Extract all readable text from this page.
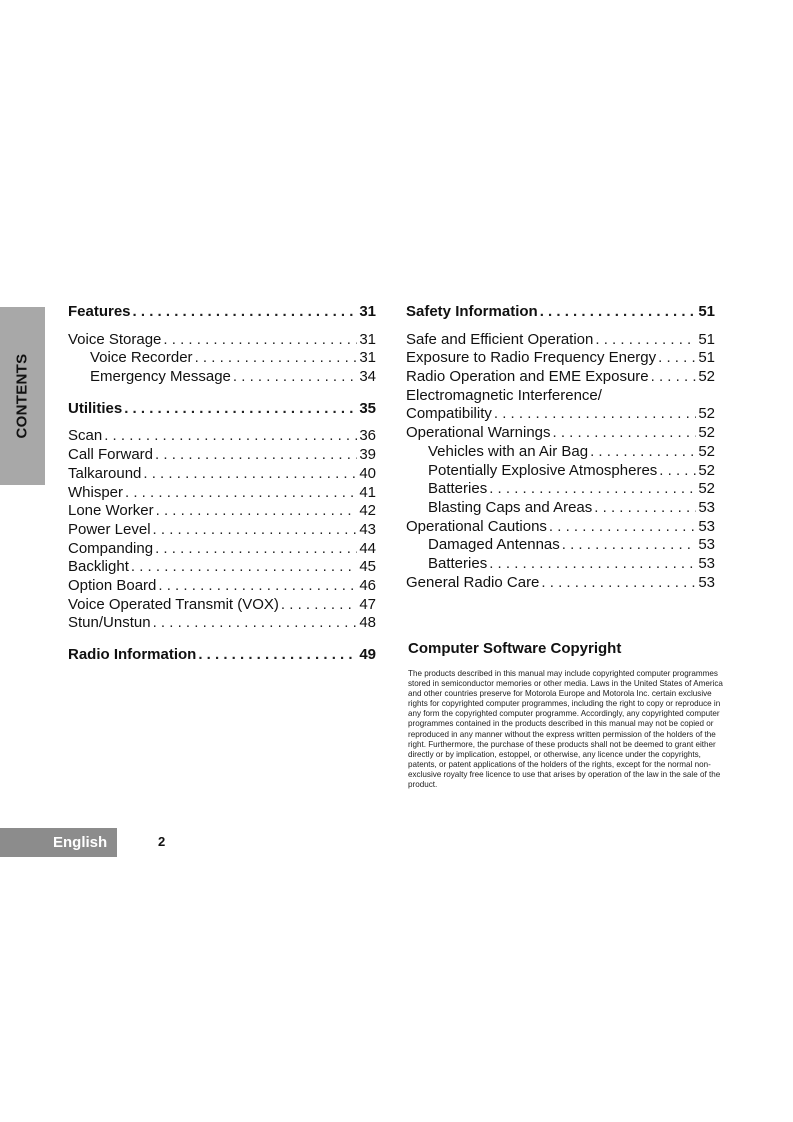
CONTENTS
Features . . .	31
Voice Storage . . .	31
Voice Recorder . . .	31
Emergency Message . . .	34
Utilities . . .	35
Scan . . .	36
Call Forward . . .	39
Talkaround . . .	40
Whisper . . .	41
Lone Worker . . .	42
Power Level . . .	43
Companding . . .	44
Backlight . . .	45
Option Board . . .	46
Voice Operated Transmit (VOX) . . .	47
Stun/Unstun . . .	48
Radio Information . . .	49
Safety Information . . .	51
Safe and Efficient Operation . . .	51
Exposure to Radio Frequency Energy . . .	51
Radio Operation and EME Exposure . . .	52
Electromagnetic Interference/
Compatibility . . .	52
Operational Warnings . . .	52
Vehicles with an Air Bag . . .	52
Potentially Explosive Atmospheres . . .	52
Batteries . . .	52
Blasting Caps and Areas . . .	53
Operational Cautions . . .	53
Damaged Antennas . . .	53
Batteries . . .	53
General Radio Care . . .	53
Computer Software Copyright

The products described in this manual may include copyrighted computer programmes stored in semiconductor memories or other media. Laws in the United States of America and other countries preserve for Motorola Europe and Motorola Inc. certain exclusive rights for copyrighted computer programmes, including the right to copy or reproduce in any form the copyrighted computer programme. Accordingly, any copyrighted computer programmes contained in the products described in this manual may not be copied or reproduced in any manner without the express written permission of the holders of the right. Furthermore, the purchase of these products shall not be deemed to grant either directly or by implication, estoppel, or otherwise, any licence under the copyrights, patents, or patent applications of the holders of the rights, except for the normal non-exclusive royalty free licence to use that arises by operation of the law in the sale of the product.

English	2
